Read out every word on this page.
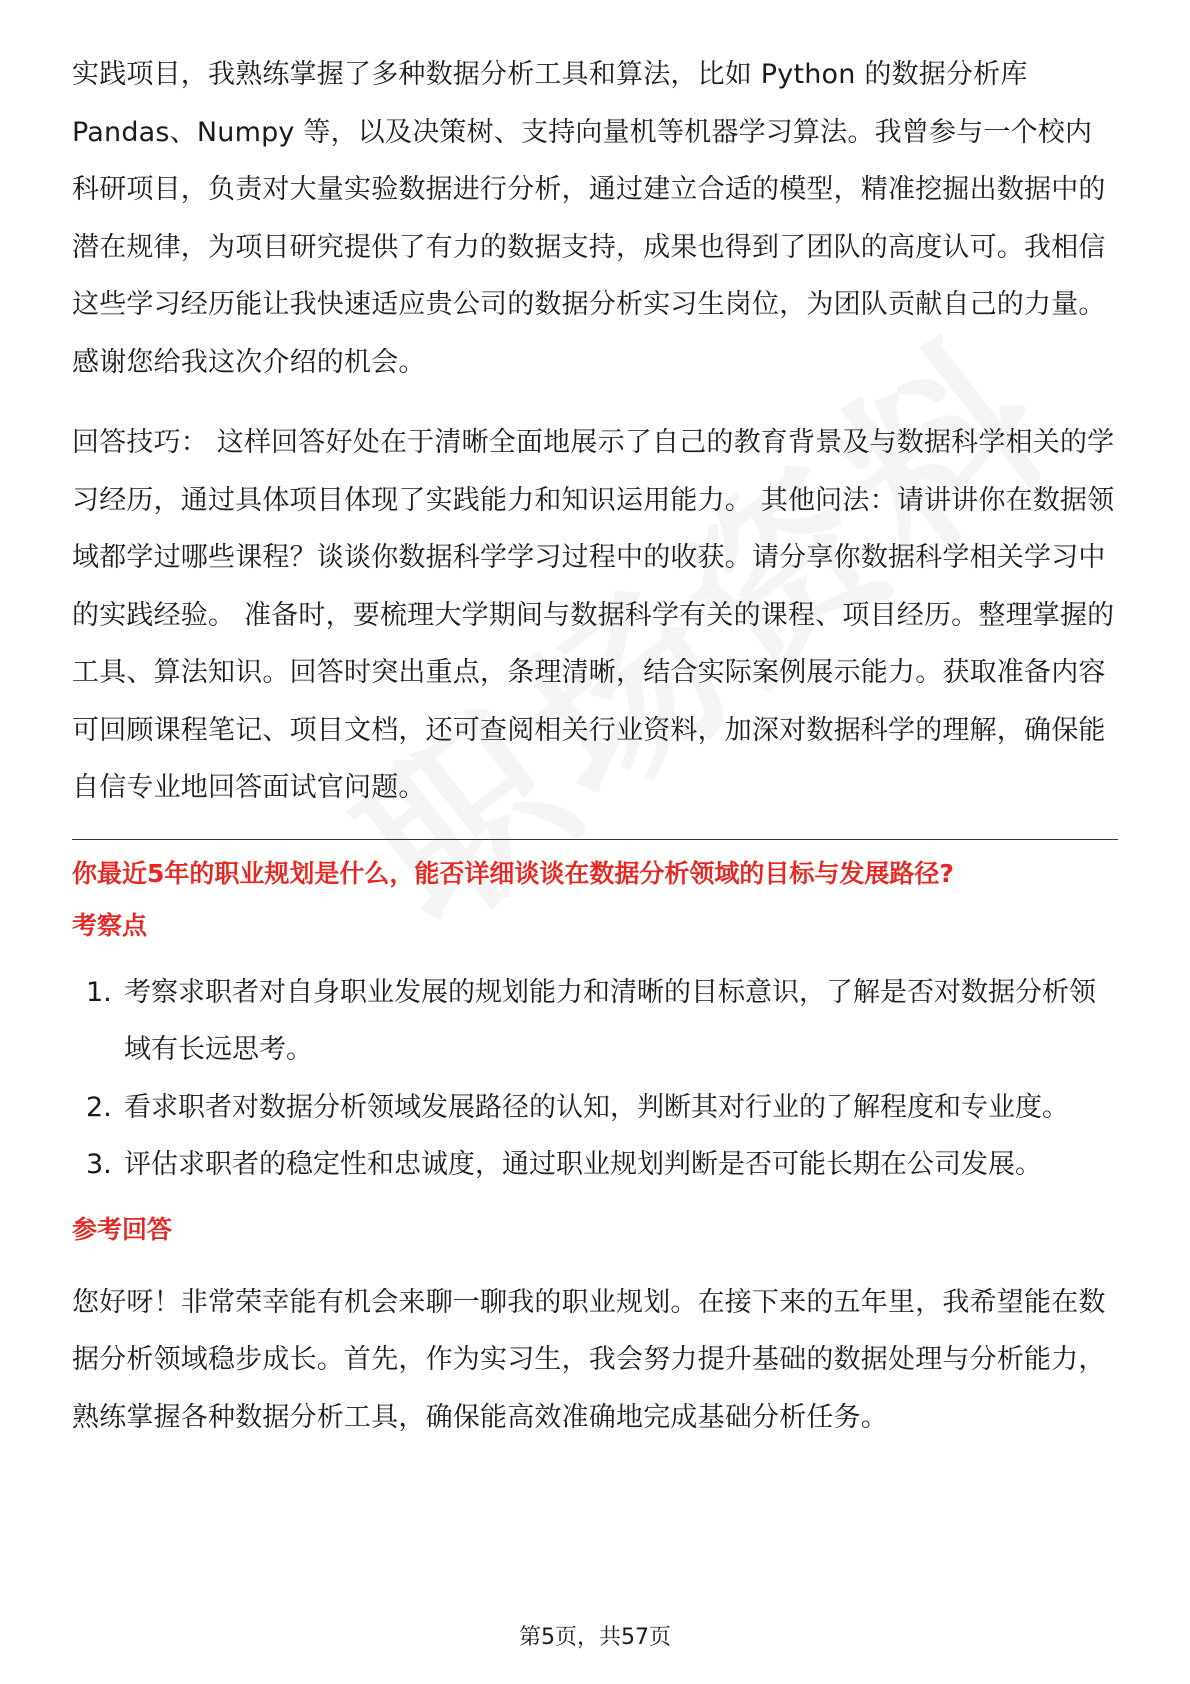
实践项目，我熟练掌握了多种数据分析工具和算法，比如 Python 的数据分析库 Pandas、Numpy 等，以及决策树、支持向量机等机器学习算法。我曾参与一个校内科研项目，负责对大量实验数据进行分析，通过建立合适的模型，精准挖掘出数据中的潜在规律，为项目研究提供了有力的数据支持，成果也得到了团队的高度认可。我相信这些学习经历能让我快速适应贵公司的数据分析实习生岗位，为团队贡献自己的力量。感谢您给我这次介绍的机会。

回答技巧： 这样回答好处在于清晰全面地展示了自己的教育背景及与数据科学相关的学习经历，通过具体项目体现了实践能力和知识运用能力。 其他问法：请讲讲你在数据领域都学过哪些课程？谈谈你数据科学学习过程中的收获。请分享你数据科学相关学习中的实践经验。 准备时，要梳理大学期间与数据科学有关的课程、项目经历。整理掌握的工具、算法知识。回答时突出重点，条理清晰，结合实际案例展示能力。获取准备内容可回顾课程笔记、项目文档，还可查阅相关行业资料，加深对数据科学的理解，确保能自信专业地回答面试官问题。

你最近5年的职业规划是什么，能否详细谈谈在数据分析领域的目标与发展路径?

考察点

1. 考察求职者对自身职业发展的规划能力和清晰的目标意识，了解是否对数据分析领域有长远思考。
2. 看求职者对数据分析领域发展路径的认知，判断其对行业的了解程度和专业度。
3. 评估求职者的稳定性和忠诚度，通过职业规划判断是否可能长期在公司发展。

参考回答

您好呀！非常荣幸能有机会来聊一聊我的职业规划。在接下来的五年里，我希望能在数据分析领域稳步成长。首先，作为实习生，我会努力提升基础的数据处理与分析能力，熟练掌握各种数据分析工具，确保能高效准确地完成基础分析任务。

第5页，共57页
